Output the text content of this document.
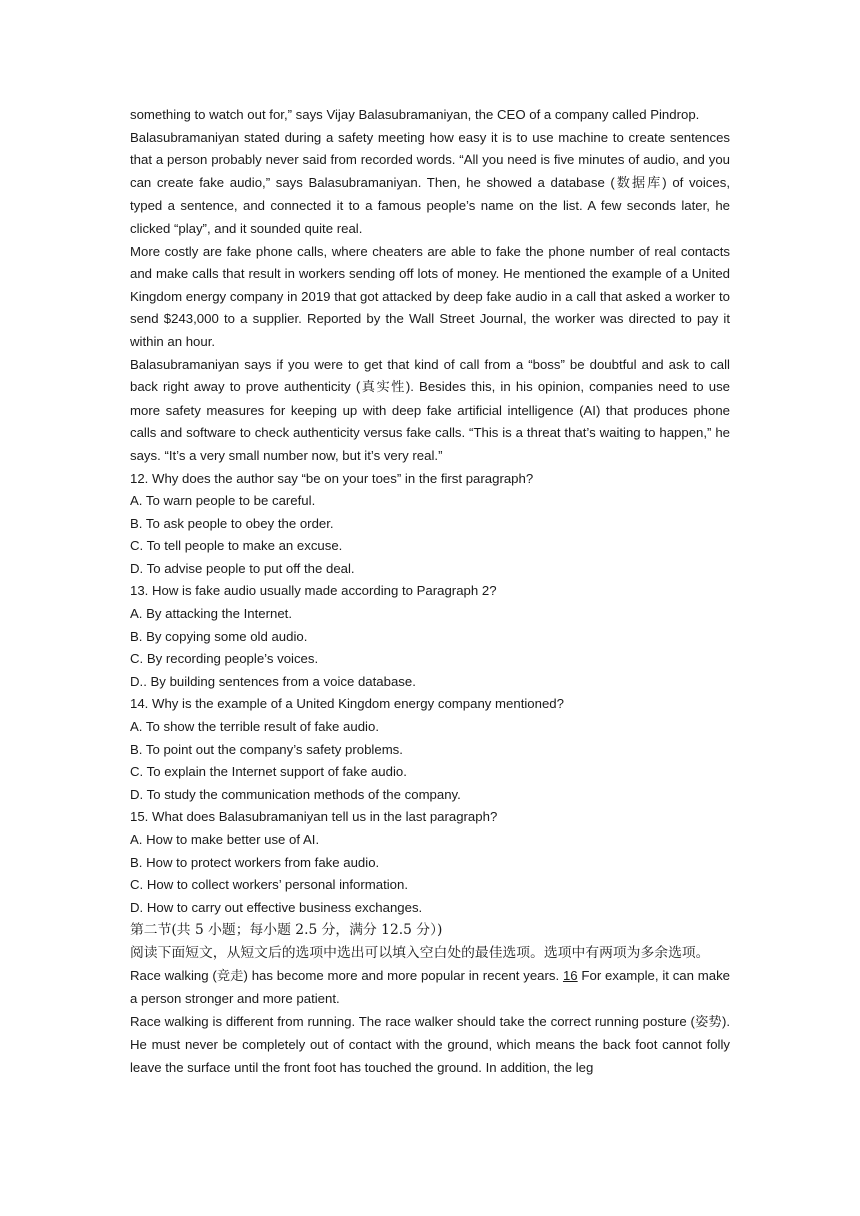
something to watch out for,” says Vijay Balasubramaniyan, the CEO of a company called Pindrop.

Balasubramaniyan stated during a safety meeting how easy it is to use machine to create sentences that a person probably never said from recorded words. “All you need is five minutes of audio, and you can create fake audio,” says Balasubramaniyan. Then, he showed a database (数据库) of voices, typed a sentence, and connected it to a famous people’s name on the list. A few seconds later, he clicked “play”, and it sounded quite real.

More costly are fake phone calls, where cheaters are able to fake the phone number of real contacts and make calls that result in workers sending off lots of money. He mentioned the example of a United Kingdom energy company in 2019 that got attacked by deep fake audio in a call that asked a worker to send $243,000 to a supplier. Reported by the Wall Street Journal, the worker was directed to pay it within an hour.

Balasubramaniyan says if you were to get that kind of call from a “boss” be doubtful and ask to call back right away to prove authenticity (真实性). Besides this, in his opinion, companies need to use more safety measures for keeping up with deep fake artificial intelligence (AI) that produces phone calls and software to check authenticity versus fake calls. “This is a threat that’s waiting to happen,” he says. “It’s a very small number now, but it’s very real.”

12. Why does the author say “be on your toes” in the first paragraph?

A. To warn people to be careful.

B. To ask people to obey the order.

C. To tell people to make an excuse.

D. To advise people to put off the deal.

13. How is fake audio usually made according to Paragraph 2?

A. By attacking the Internet.

B. By copying some old audio.

C. By recording people’s voices.

D.. By building sentences from a voice database.

14. Why is the example of a United Kingdom energy company mentioned?

A. To show the terrible result of fake audio.

B. To point out the company’s safety problems.

C. To explain the Internet support of fake audio.

D. To study the communication methods of the company.

15. What does Balasubramaniyan tell us in the last paragraph?

A. How to make better use of AI.

B. How to protect workers from fake audio.

C. How to collect workers’ personal information.

D. How to carry out effective business exchanges.

第二节(共 5 小题；每小题 2.5 分，满分 12.5 分）)

阅读下面短文，从短文后的选项中选出可以填入空白处的最佳选项。选项中有两项为多余选项。

Race walking (竞走) has become more and more popular in recent years. 16 For example, it can make a person stronger and more patient.

Race walking is different from running. The race walker should take the correct running posture (姿势). He must never be completely out of contact with the ground, which means the back foot cannot folly leave the surface until the front foot has touched the ground. In addition, the leg
